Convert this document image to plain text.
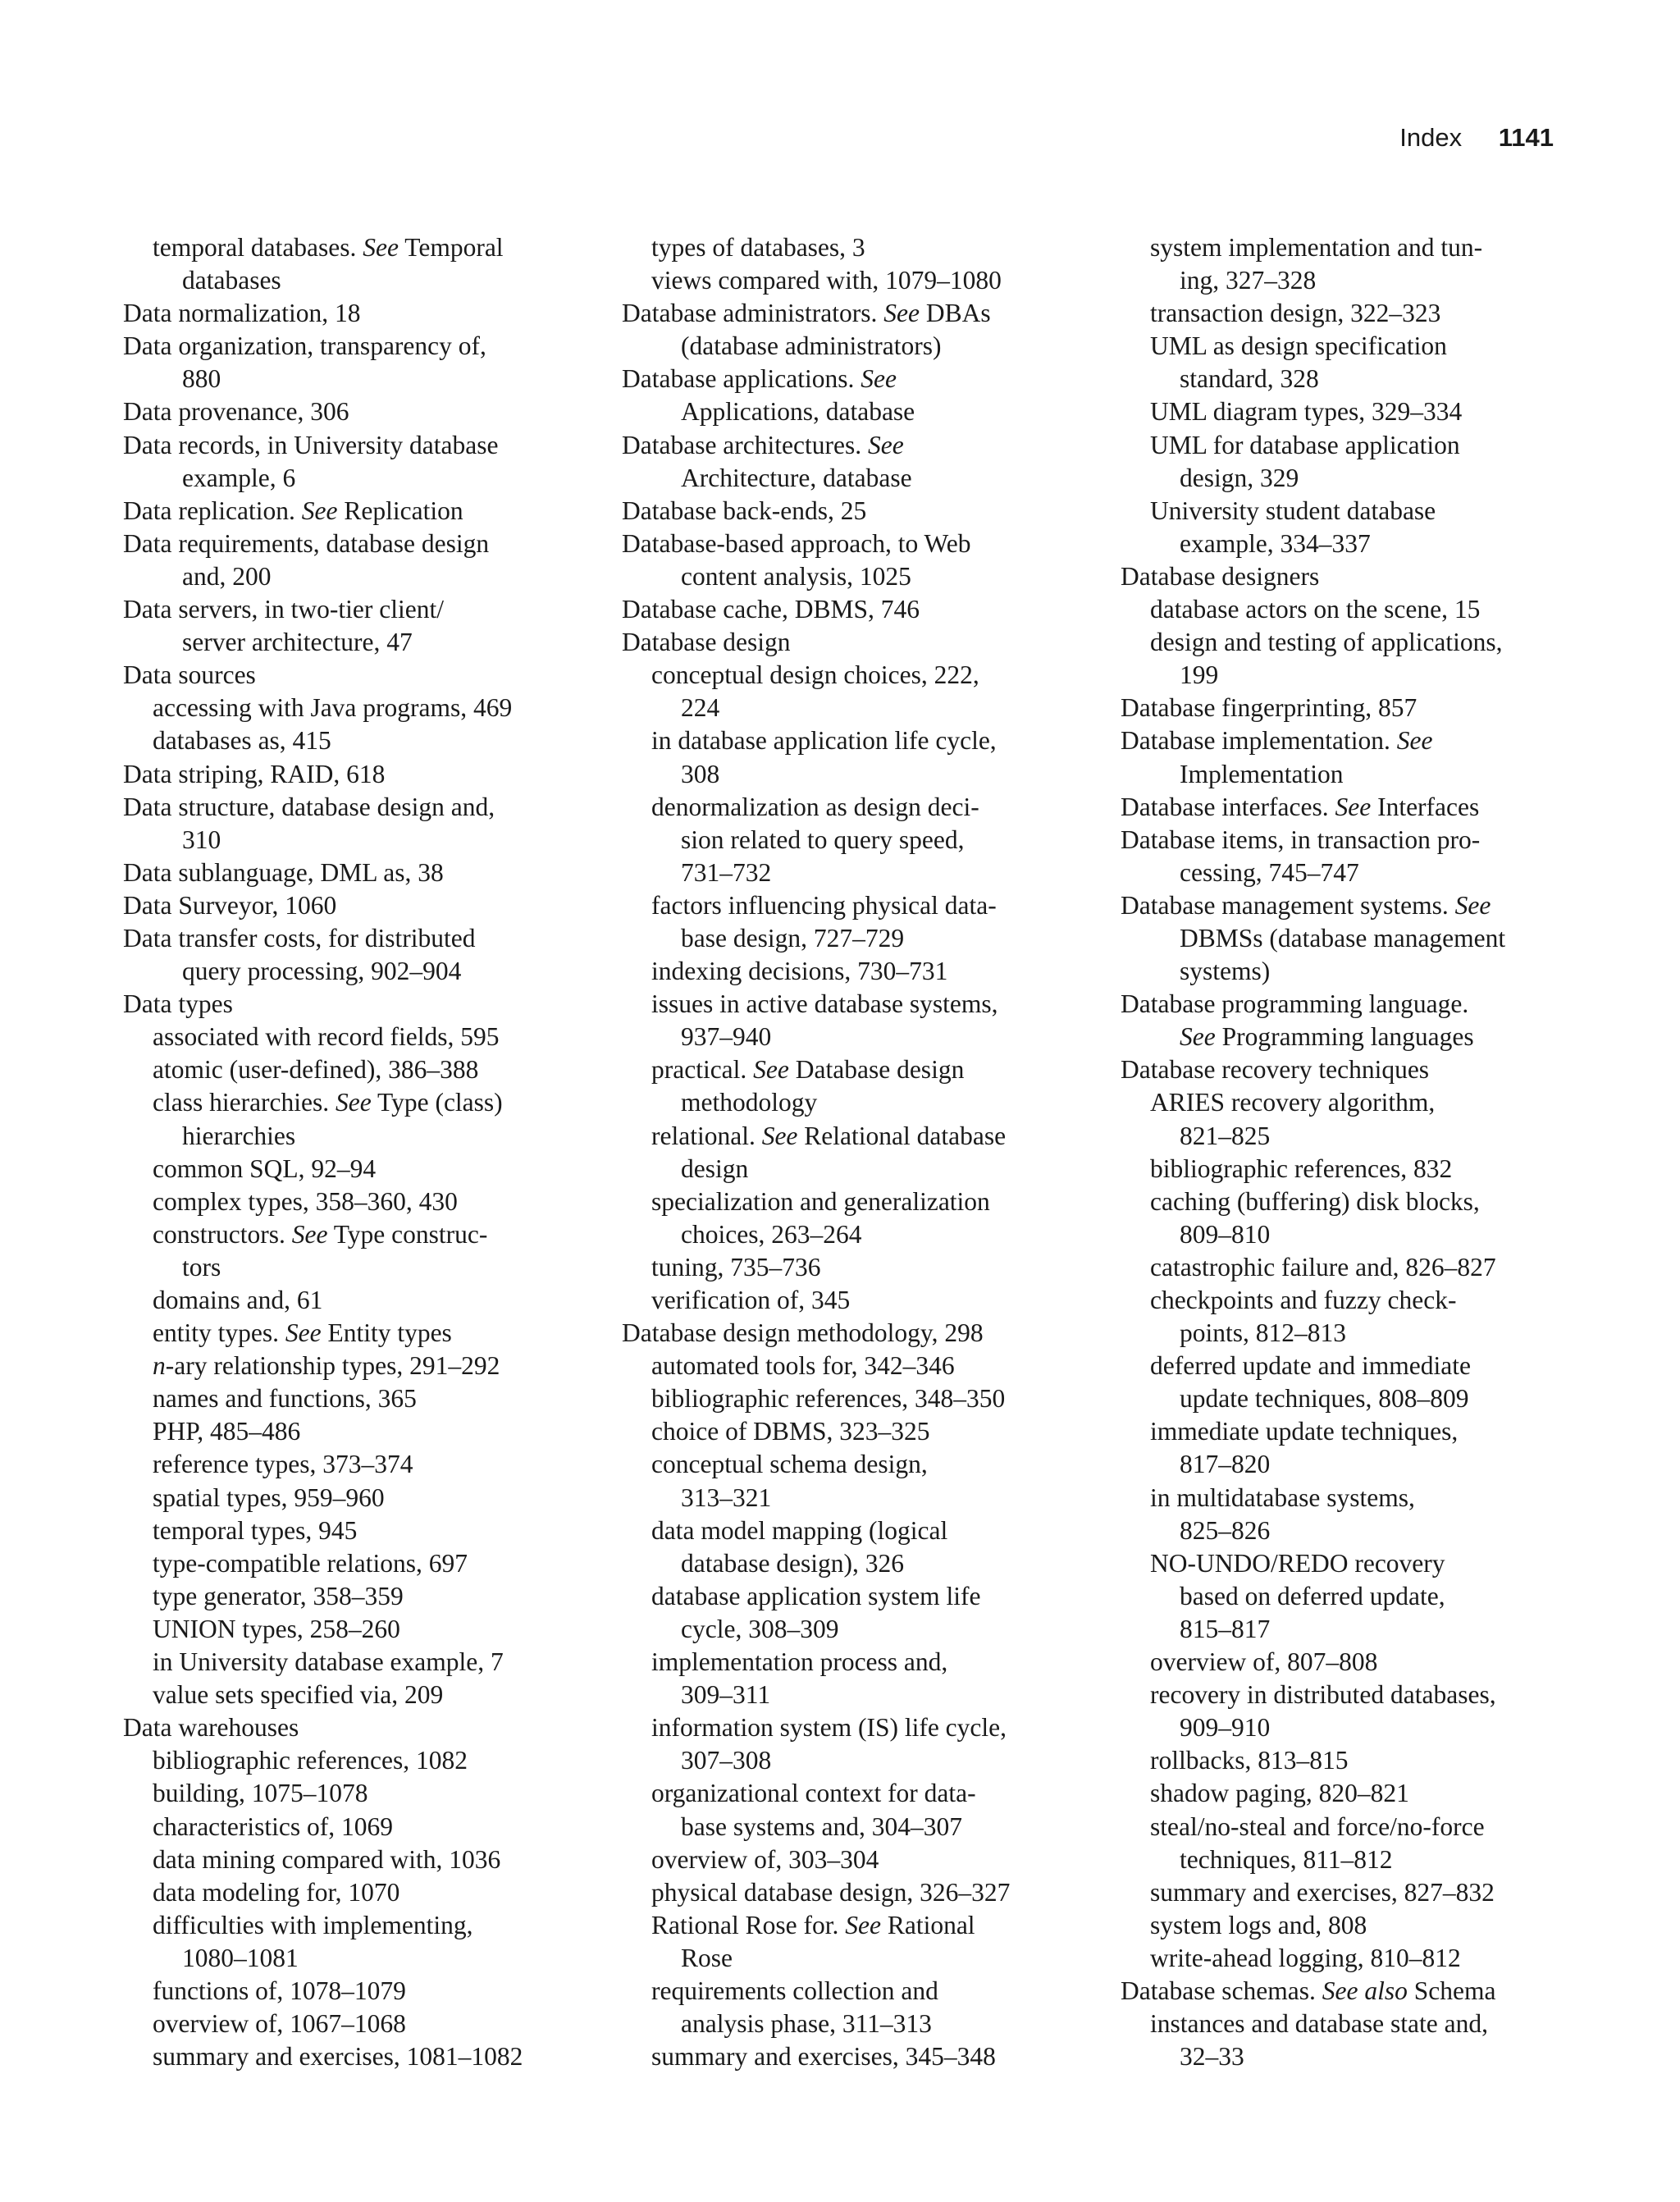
Index 1141
temporal databases. See Temporal
databases
Data normalization, 18
Data organization, transparency of,
880
Data provenance, 306
Data records, in University database
example, 6
Data replication. See Replication
Data requirements, database design
and, 200
Data servers, in two-tier client/
server architecture, 47
Data sources
accessing with Java programs, 469
databases as, 415
Data striping, RAID, 618
Data structure, database design and,
310
Data sublanguage, DML as, 38
Data Surveyor, 1060
Data transfer costs, for distributed
query processing, 902–904
Data types
associated with record fields, 595
atomic (user-defined), 386–388
class hierarchies. See Type (class)
hierarchies
common SQL, 92–94
complex types, 358–360, 430
constructors. See Type construc-
tors
domains and, 61
entity types. See Entity types
n-ary relationship types, 291–292
names and functions, 365
PHP, 485–486
reference types, 373–374
spatial types, 959–960
temporal types, 945
type-compatible relations, 697
type generator, 358–359
UNION types, 258–260
in University database example, 7
value sets specified via, 209
Data warehouses
bibliographic references, 1082
building, 1075–1078
characteristics of, 1069
data mining compared with, 1036
data modeling for, 1070
difficulties with implementing,
1080–1081
functions of, 1078–1079
overview of, 1067–1068
summary and exercises, 1081–1082
types of databases, 3
views compared with, 1079–1080
Database administrators. See DBAs
(database administrators)
Database applications. See
Applications, database
Database architectures. See
Architecture, database
Database back-ends, 25
Database-based approach, to Web
content analysis, 1025
Database cache, DBMS, 746
Database design
conceptual design choices, 222,
224
in database application life cycle,
308
denormalization as design deci-
sion related to query speed,
731–732
factors influencing physical data-
base design, 727–729
indexing decisions, 730–731
issues in active database systems,
937–940
practical. See Database design
methodology
relational. See Relational database
design
specialization and generalization
choices, 263–264
tuning, 735–736
verification of, 345
Database design methodology, 298
automated tools for, 342–346
bibliographic references, 348–350
choice of DBMS, 323–325
conceptual schema design,
313–321
data model mapping (logical
database design), 326
database application system life
cycle, 308–309
implementation process and,
309–311
information system (IS) life cycle,
307–308
organizational context for data-
base systems and, 304–307
overview of, 303–304
physical database design, 326–327
Rational Rose for. See Rational
Rose
requirements collection and
analysis phase, 311–313
summary and exercises, 345–348
system implementation and tun-
ing, 327–328
transaction design, 322–323
UML as design specification
standard, 328
UML diagram types, 329–334
UML for database application
design, 329
University student database
example, 334–337
Database designers
database actors on the scene, 15
design and testing of applications,
199
Database fingerprinting, 857
Database implementation. See
Implementation
Database interfaces. See Interfaces
Database items, in transaction pro-
cessing, 745–747
Database management systems. See
DBMSs (database management
systems)
Database programming language.
See Programming languages
Database recovery techniques
ARIES recovery algorithm,
821–825
bibliographic references, 832
caching (buffering) disk blocks,
809–810
catastrophic failure and, 826–827
checkpoints and fuzzy check-
points, 812–813
deferred update and immediate
update techniques, 808–809
immediate update techniques,
817–820
in multidatabase systems,
825–826
NO-UNDO/REDO recovery
based on deferred update,
815–817
overview of, 807–808
recovery in distributed databases,
909–910
rollbacks, 813–815
shadow paging, 820–821
steal/no-steal and force/no-force
techniques, 811–812
summary and exercises, 827–832
system logs and, 808
write-ahead logging, 810–812
Database schemas. See also Schema
instances and database state and,
32–33
